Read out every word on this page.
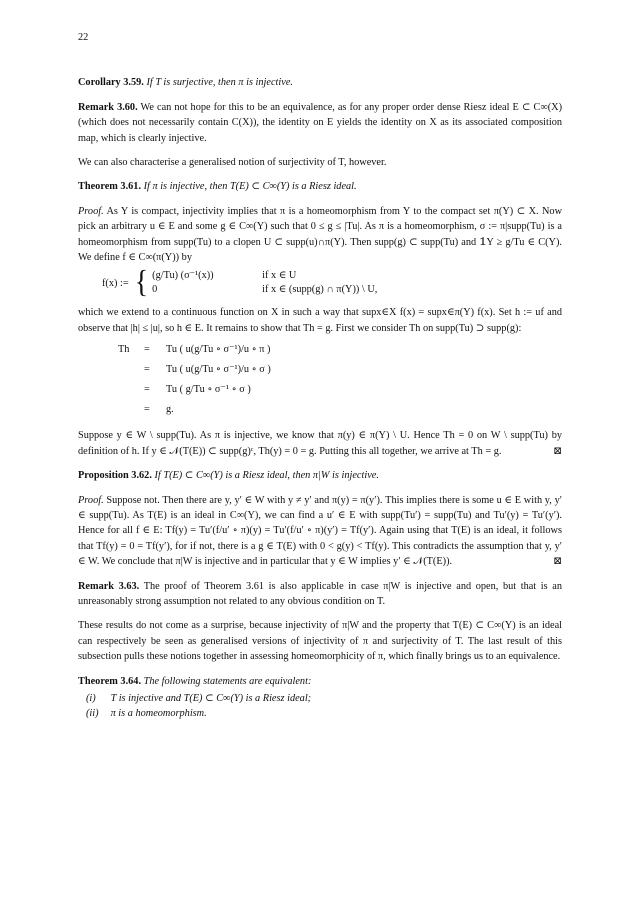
22

Corollary 3.59. If T is surjective, then π is injective.

Remark 3.60. We can not hope for this to be an equivalence, as for any proper order dense Riesz ideal E ⊂ C∞(X) (which does not necessarily contain C(X)), the identity on E yields the identity on X as its associated composition map, which is clearly injective.

We can also characterise a generalised notion of surjectivity of T, however.

Theorem 3.61. If π is injective, then T(E) ⊂ C∞(Y) is a Riesz ideal.

Proof. As Y is compact, injectivity implies that π is a homeomorphism from Y to the compact set π(Y) ⊂ X. Now pick an arbitrary u ∈ E and some g ∈ C∞(Y) such that 0 ≤ g ≤ |Tu|. As π is a homeomorphism, σ := π|supp(Tu) is a homeomorphism from supp(Tu) to a clopen U ⊂ supp(u)∩π(Y). Then supp(g) ⊂ supp(Tu) and 𝟙Y ≥ g/Tu ∈ C(Y). We define f ∈ C∞(π(Y)) by

f(x) := { (g/Tu) (σ⁻¹(x))	if x ∈ U
0	if x ∈ (supp(g) ∩ π(Y)) \ U,

which we extend to a continuous function on X in such a way that supx∈X f(x) = supx∈π(Y) f(x). Set h := uf and observe that |h| ≤ |u|, so h ∈ E. It remains to show that Th = g. First we consider Th on supp(Tu) ⊃ supp(g):

Th	=	Tu ( u(g/Tu ∘ σ⁻¹)/u ∘ π )
=	Tu ( u(g/Tu ∘ σ⁻¹)/u ∘ σ )
=	Tu ( g/Tu ∘ σ⁻¹ ∘ σ )
=	g.

Suppose y ∈ W \ supp(Tu). As π is injective, we know that π(y) ∈ π(Y) \ U. Hence Th = 0 on W \ supp(Tu) by definition of h. If y ∈ 𝒩(T(E)) ⊂ supp(g)ᶜ, Th(y) = 0 = g. Putting this all together, we arrive at Th = g.	⊠

Proposition 3.62. If T(E) ⊂ C∞(Y) is a Riesz ideal, then π|W is injective.

Proof. Suppose not. Then there are y, y′ ∈ W with y ≠ y′ and π(y) = π(y′). This implies there is some u ∈ E with y, y′ ∈ supp(Tu). As T(E) is an ideal in C∞(Y), we can find a u′ ∈ E with supp(Tu′) = supp(Tu) and Tu′(y) = Tu′(y′). Hence for all f ∈ E: Tf(y) = Tu′(f/u′ ∘ π)(y) = Tu′(f/u′ ∘ π)(y′) = Tf(y′). Again using that T(E) is an ideal, it follows that Tf(y) = 0 = Tf(y′), for if not, there is a g ∈ T(E) with 0 < g(y) < Tf(y). This contradicts the assumption that y, y′ ∈ W. We conclude that π|W is injective and in particular that y ∈ W implies y′ ∈ 𝒩(T(E)).	⊠

Remark 3.63. The proof of Theorem 3.61 is also applicable in case π|W is injective and open, but that is an unreasonably strong assumption not related to any obvious condition on T.

These results do not come as a surprise, because injectivity of π|W and the property that T(E) ⊂ C∞(Y) is an ideal can respectively be seen as generalised versions of injectivity of π and surjectivity of T. The last result of this subsection pulls these notions together in assessing homeomorphicity of π, which finally brings us to an equivalence.

Theorem 3.64. The following statements are equivalent:
(i) T is injective and T(E) ⊂ C∞(Y) is a Riesz ideal;
(ii) π is a homeomorphism.
